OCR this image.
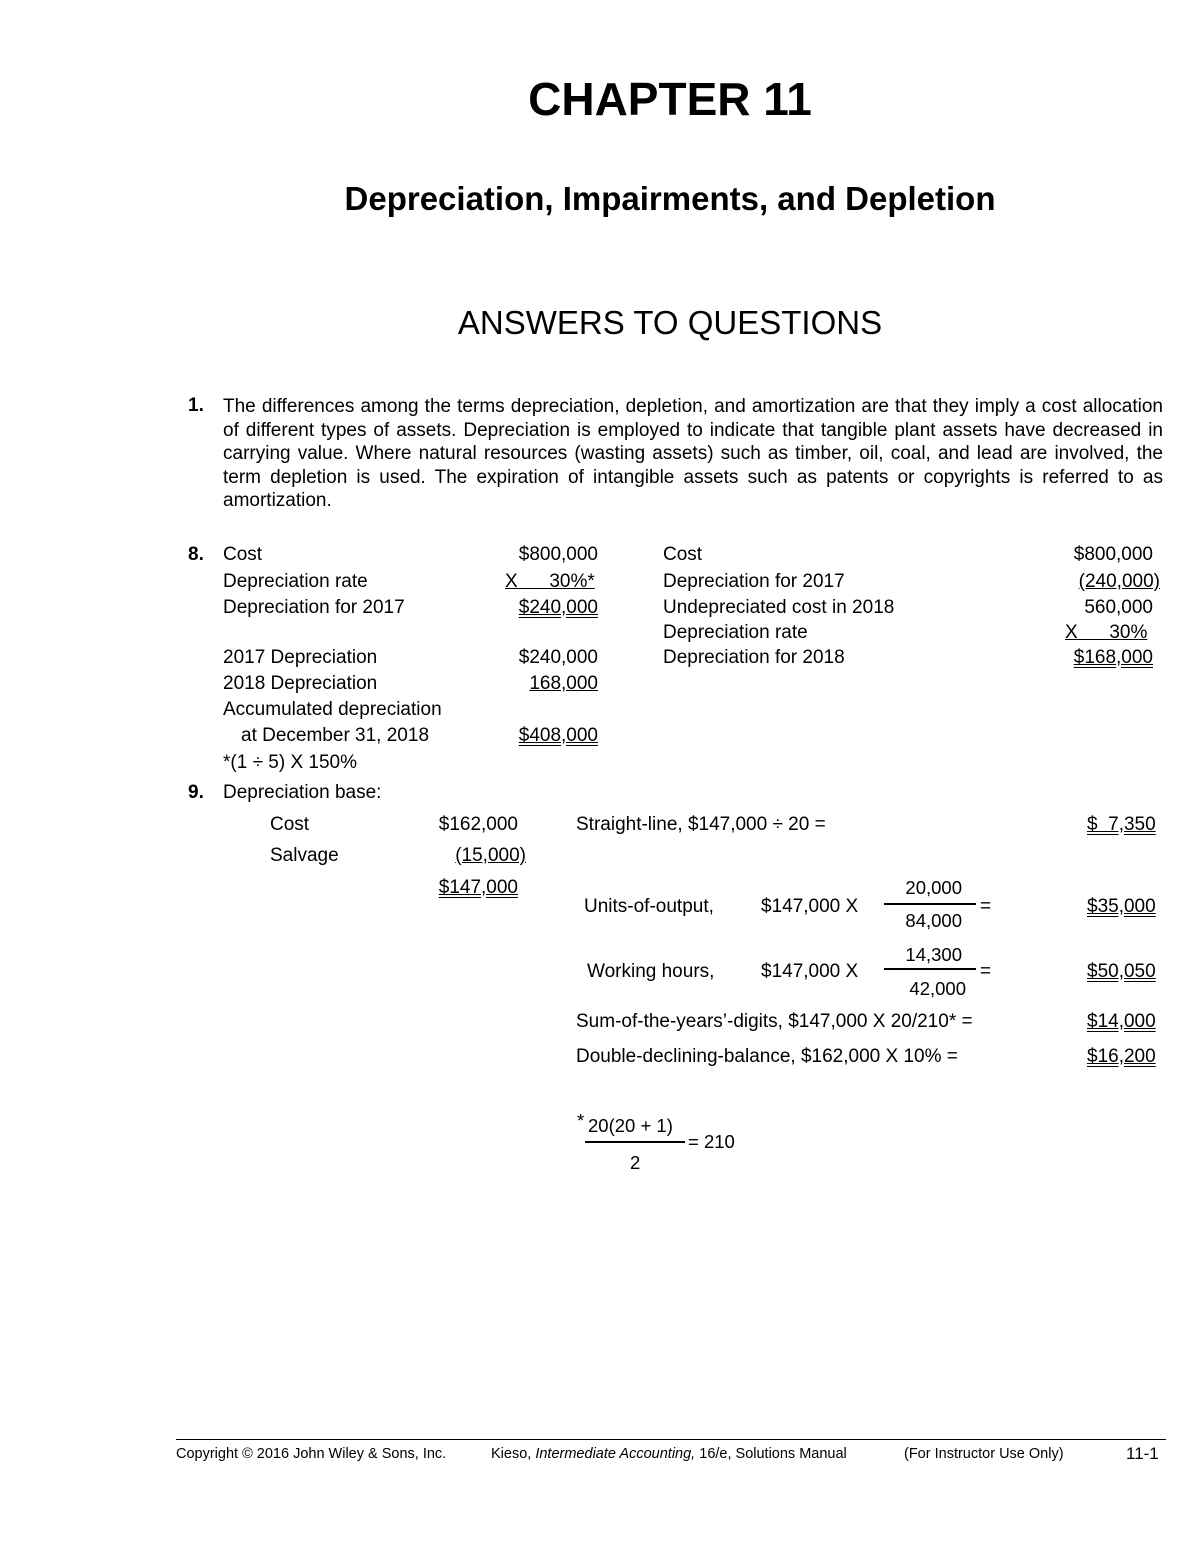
CHAPTER 11
Depreciation, Impairments, and Depletion
ANSWERS TO QUESTIONS
1. The differences among the terms depreciation, depletion, and amortization are that they imply a cost allocation of different types of assets. Depreciation is employed to indicate that tangible plant assets have decreased in carrying value. Where natural resources (wasting assets) such as timber, oil, coal, and lead are involved, the term depletion is used. The expiration of intangible assets such as patents or copyrights is referred to as amortization.
8. Cost	$800,000
Depreciation rate	X      30%*
Depreciation for 2017	$240,000
2017 Depreciation	$240,000
2018 Depreciation	168,000
Accumulated depreciation
at December 31, 2018	$408,000
*(1 ÷ 5) X 150%
Cost	$800,000
Depreciation for 2017	(240,000)
Undepreciated cost in 2018	560,000
Depreciation rate	X      30%
Depreciation for 2018	$168,000
9. Depreciation base:
Cost	$162,000
Salvage	(15,000)
$147,000
Straight-line, $147,000 ÷ 20 =	$  7,350
Units-of-output, $147,000 X
20,000
84,000
=	$35,000
Working hours, $147,000 X
14,300
42,000
=	$50,050
Sum-of-the-years’-digits, $147,000 X 20/210* =	$14,000
Double-declining-balance, $162,000 X 10% =	$16,200
* 20(20 + 1)
= 210
2
Copyright © 2016 John Wiley & Sons, Inc.	Kieso, Intermediate Accounting, 16/e, Solutions Manual	(For Instructor Use Only)	11-1
